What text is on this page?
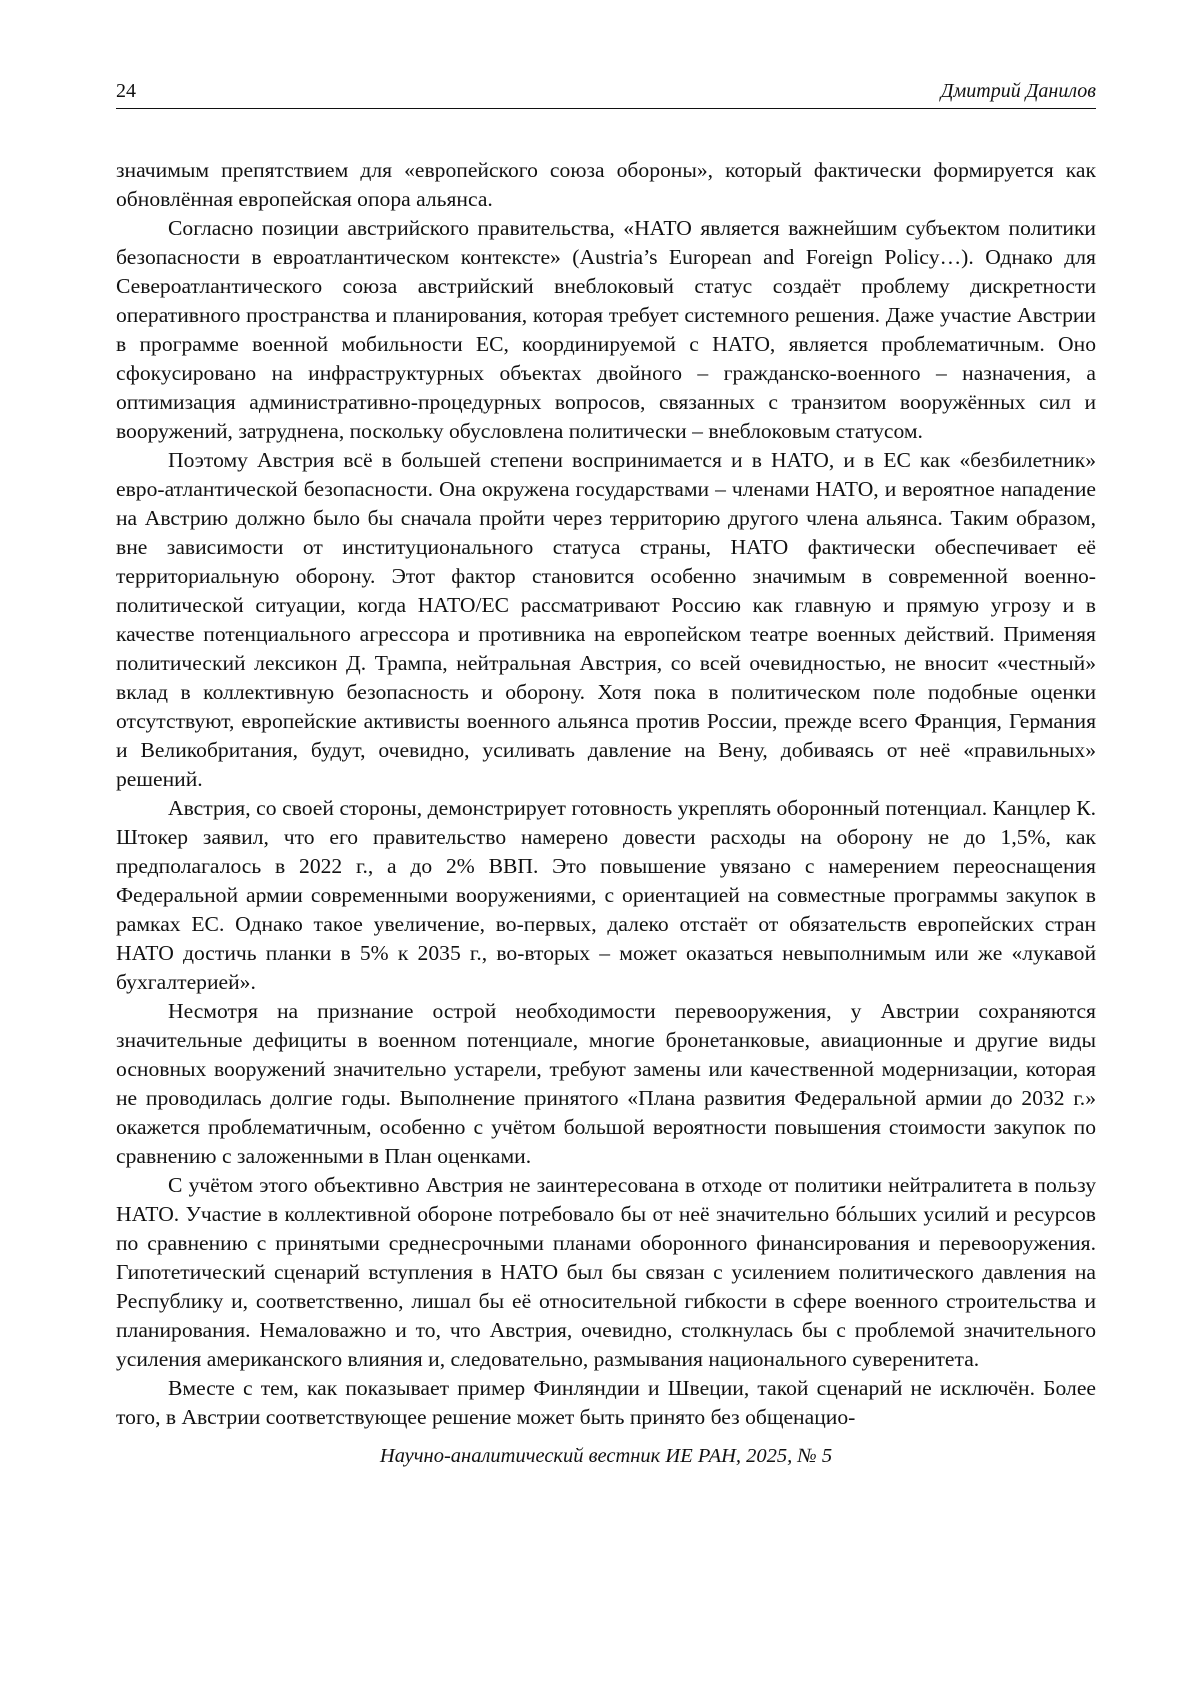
24	Дмитрий Данилов

значимым препятствием для «европейского союза обороны», который фактически формируется как обновлённая европейская опора альянса.

Согласно позиции австрийского правительства, «НАТО является важнейшим субъектом политики безопасности в евроатлантическом контексте» (Austria’s European and Foreign Policy…). Однако для Североатлантического союза австрийский внеблоковый статус создаёт проблему дискретности оперативного пространства и планирования, которая требует системного решения. Даже участие Австрии в программе военной мобильности ЕС, координируемой с НАТО, является проблематичным. Оно сфокусировано на инфраструктурных объектах двойного – гражданско-военного – назначения, а оптимизация административно-процедурных вопросов, связанных с транзитом вооружённых сил и вооружений, затруднена, поскольку обусловлена политически – внеблоковым статусом.

Поэтому Австрия всё в большей степени воспринимается и в НАТО, и в ЕС как «безбилетник» евро-атлантической безопасности. Она окружена государствами – членами НАТО, и вероятное нападение на Австрию должно было бы сначала пройти через территорию другого члена альянса. Таким образом, вне зависимости от институционального статуса страны, НАТО фактически обеспечивает её территориальную оборону. Этот фактор становится особенно значимым в современной военно-политической ситуации, когда НАТО/ЕС рассматривают Россию как главную и прямую угрозу и в качестве потенциального агрессора и противника на европейском театре военных действий. Применяя политический лексикон Д. Трампа, нейтральная Австрия, со всей очевидностью, не вносит «честный» вклад в коллективную безопасность и оборону. Хотя пока в политическом поле подобные оценки отсутствуют, европейские активисты военного альянса против России, прежде всего Франция, Германия и Великобритания, будут, очевидно, усиливать давление на Вену, добиваясь от неё «правильных» решений.

Австрия, со своей стороны, демонстрирует готовность укреплять оборонный потенциал. Канцлер К. Штокер заявил, что его правительство намерено довести расходы на оборону не до 1,5%, как предполагалось в 2022 г., а до 2% ВВП. Это повышение увязано с намерением переоснащения Федеральной армии современными вооружениями, с ориентацией на совместные программы закупок в рамках ЕС. Однако такое увеличение, во-первых, далеко отстаёт от обязательств европейских стран НАТО достичь планки в 5% к 2035 г., во-вторых – может оказаться невыполнимым или же «лукавой бухгалтерией».

Несмотря на признание острой необходимости перевооружения, у Австрии сохраняются значительные дефициты в военном потенциале, многие бронетанковые, авиационные и другие виды основных вооружений значительно устарели, требуют замены или качественной модернизации, которая не проводилась долгие годы. Выполнение принятого «Плана развития Федеральной армии до 2032 г.» окажется проблематичным, особенно с учётом большой вероятности повышения стоимости закупок по сравнению с заложенными в План оценками.

С учётом этого объективно Австрия не заинтересована в отходе от политики нейтралитета в пользу НАТО. Участие в коллективной обороне потребовало бы от неё значительно бóльших усилий и ресурсов по сравнению с принятыми среднесрочными планами оборонного финансирования и перевооружения. Гипотетический сценарий вступления в НАТО был бы связан с усилением политического давления на Республику и, соответственно, лишал бы её относительной гибкости в сфере военного строительства и планирования. Немаловажно и то, что Австрия, очевидно, столкнулась бы с проблемой значительного усиления американского влияния и, следовательно, размывания национального суверенитета.

Вместе с тем, как показывает пример Финляндии и Швеции, такой сценарий не исключён. Более того, в Австрии соответствующее решение может быть принято без общенацио-

Научно-аналитический вестник ИЕ РАН, 2025, № 5
